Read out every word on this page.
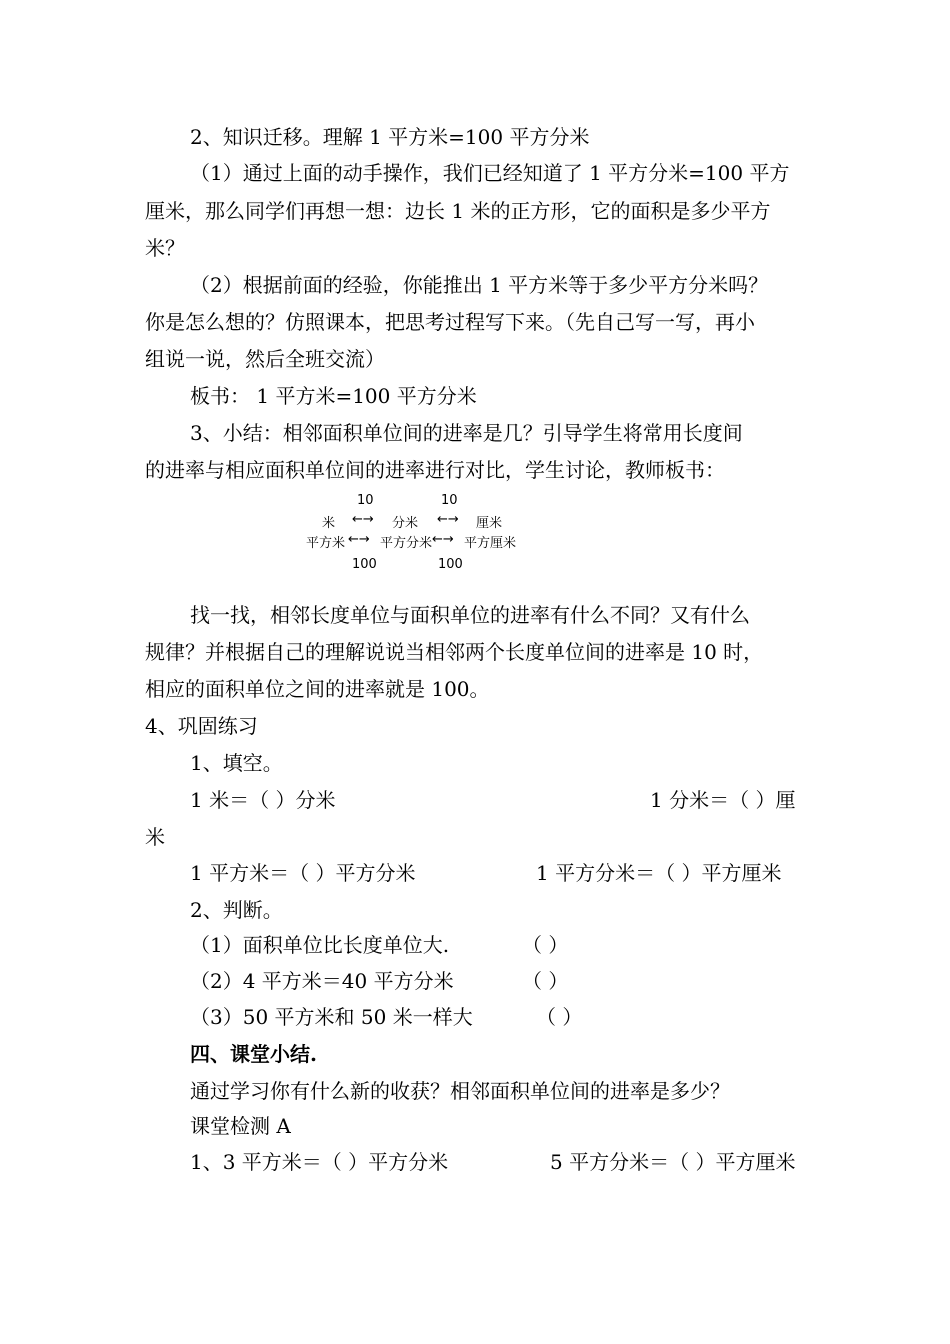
2、知识迁移。理解 1 平方米=100 平方分米
（1）通过上面的动手操作，我们已经知道了 1 平方分米=100 平方
厘米，那么同学们再想一想：边长 1 米的正方形，它的面积是多少平方
米？
（2）根据前面的经验，你能推出 1 平方米等于多少平方分米吗？
你是怎么想的？仿照课本，把思考过程写下来。（先自己写一写，再小
组说一说，然后全班交流）
板书： 1 平方米=100 平方分米
3、小结：相邻面积单位间的进率是几？引导学生将常用长度间
的进率与相应面积单位间的进率进行对比，学生讨论，教师板书：
10	10
米 ←→ 分米 ←→ 厘米
平方米 ←→ 平方分米 ←→ 平方厘米
100	100
找一找，相邻长度单位与面积单位的进率有什么不同？又有什么
规律？并根据自己的理解说说当相邻两个长度单位间的进率是 10 时，
相应的面积单位之间的进率就是 100。
4、巩固练习
1、填空。
1 米＝（ ）分米	1 分米＝（ ）厘
米
1 平方米＝（ ）平方分米	1 平方分米＝（ ）平方厘米
2、判断。
（1）面积单位比长度单位大.	（ ）
（2）4 平方米＝40 平方分米	（ ）
（3）50 平方米和 50 米一样大	（ ）
四、课堂小结.
通过学习你有什么新的收获？相邻面积单位间的进率是多少？
课堂检测 A
1、3 平方米＝（ ）平方分米	5 平方分米＝（ ）平方厘米
